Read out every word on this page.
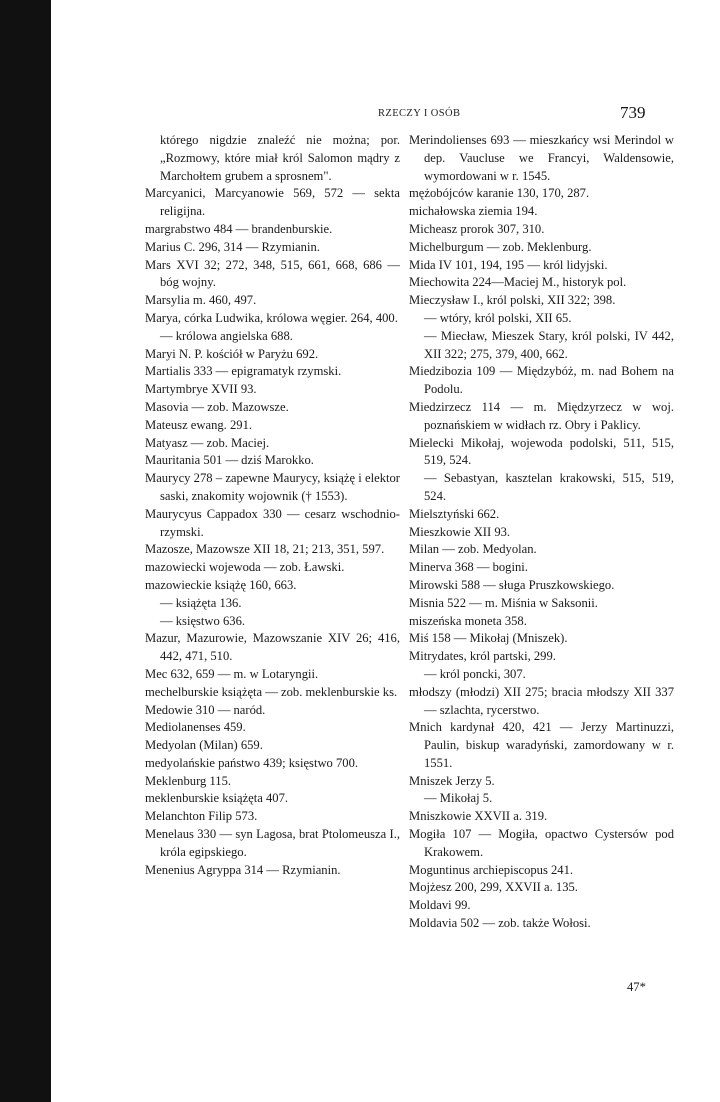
RZECZY I OSÓB	739

którego nigdzie znaleźć nie można; por. „Rozmowy, które miał król Salomon mądry z Marchołtem grubem a sprosnem".

Marcyanici, Marcyanowie 569, 572 — sekta religijna.

margrabstwo 484 — brandenburskie.

Marius C. 296, 314 — Rzymianin.

Mars XVI 32; 272, 348, 515, 661, 668, 686 — bóg wojny.

Marsylia m. 460, 497.

Marya, córka Ludwika, królowa węgier. 264, 400.

— królowa angielska 688.

Maryi N. P. kościół w Paryżu 692.

Martialis 333 — epigramatyk rzymski.

Martymbrye XVII 93.

Masovia — zob. Mazowsze.

Mateusz ewang. 291.

Matyasz — zob. Maciej.

Mauritania 501 — dziś Marokko.

Maurycy 278 – zapewne Maurycy, książę i elektor saski, znakomity wojownik († 1553).

Maurycyus Cappadox 330 — cesarz wschodnio-rzymski.

Mazosze, Mazowsze XII 18, 21; 213, 351, 597.

mazowiecki wojewoda — zob. Ławski.

mazowieckie książę 160, 663.

— książęta 136.

— księstwo 636.

Mazur, Mazurowie, Mazowszanie XIV 26; 416, 442, 471, 510.

Mec 632, 659 — m. w Lotaryngii.

mechelburskie książęta — zob. meklenburskie ks.

Medowie 310 — naród.

Mediolanenses 459.

Medyolan (Milan) 659.

medyolańskie państwo 439; księstwo 700.

Meklenburg 115.

meklenburskie książęta 407.

Melanchton Filip 573.

Menelaus 330 — syn Lagosa, brat Ptolomeusza I., króla egipskiego.

Menenius Agryppa 314 — Rzymianin.

Merindolienses 693 — mieszkańcy wsi Merindol w dep. Vaucluse we Francyi, Waldensowie, wymordowani w r. 1545.

mężobójców karanie 130, 170, 287.

michałowska ziemia 194.

Micheasz prorok 307, 310.

Michelburgum — zob. Meklenburg.

Mida IV 101, 194, 195 — król lidyjski.

Miechowita 224—Maciej M., historyk pol.

Mieczysław I., król polski, XII 322; 398.

— wtóry, król polski, XII 65.

— Miecław, Mieszek Stary, król polski, IV 442, XII 322; 275, 379, 400, 662.

Miedzibozia 109 — Międzybóż, m. nad Bohem na Podolu.

Miedzirzecz 114 — m. Międzyrzecz w woj. poznańskiem w widłach rz. Obry i Paklicy.

Mielecki Mikołaj, wojewoda podolski, 511, 515, 519, 524.

— Sebastyan, kasztelan krakowski, 515, 519, 524.

Mielsztyński 662.

Mieszkowie XII 93.

Milan — zob. Medyolan.

Minerva 368 — bogini.

Mirowski 588 — sługa Pruszkowskiego.

Misnia 522 — m. Miśnia w Saksonii.

miszeńska moneta 358.

Miś 158 — Mikołaj (Mniszek).

Mitrydates, król partski, 299.

— król poncki, 307.

młodszy (młodzi) XII 275; bracia młodszy XII 337 — szlachta, rycerstwo.

Mnich kardynał 420, 421 — Jerzy Martinuzzi, Paulin, biskup waradyński, zamordowany w r. 1551.

Mniszek Jerzy 5.

— Mikołaj 5.

Mniszkowie XXVII a. 319.

Mogiła 107 — Mogiła, opactwo Cystersów pod Krakowem.

Moguntinus archiepiscopus 241.

Mojżesz 200, 299, XXVII a. 135.

Moldavi 99.

Moldavia 502 — zob. także Wołosi.

47*
